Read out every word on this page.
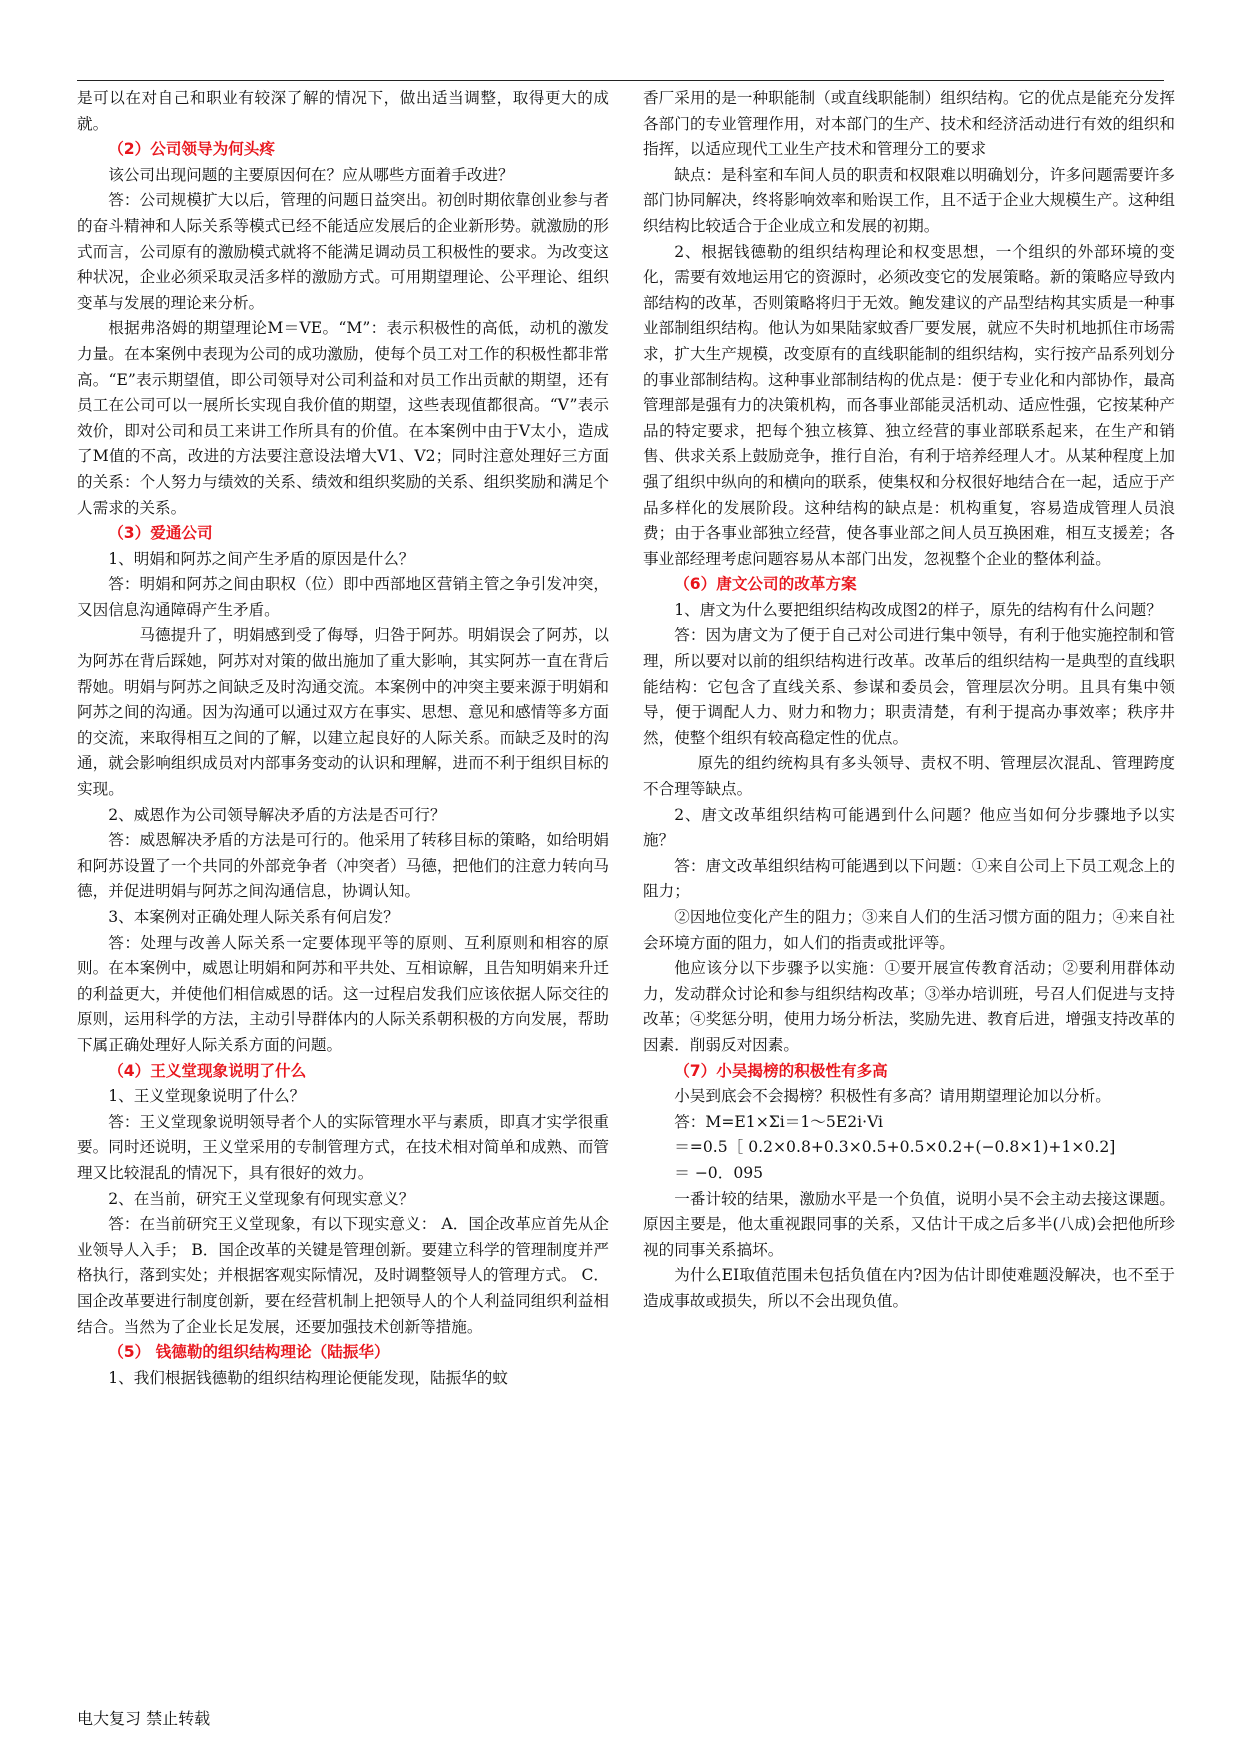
是可以在对自己和职业有较深了解的情况下，做出适当调整，取得更大的成就。

（2）公司领导为何头疼

该公司出现问题的主要原因何在？应从哪些方面着手改进？

答：公司规模扩大以后，管理的问题日益突出。初创时期依靠创业参与者的奋斗精神和人际关系等模式已经不能适应发展后的企业新形势。就激励的形式而言，公司原有的激励模式就将不能满足调动员工积极性的要求。为改变这种状况，企业必须采取灵活多样的激励方式。可用期望理论、公平理论、组织变革与发展的理论来分析。

根据弗洛姆的期望理论M＝VE。“M”：表示积极性的高低，动机的激发力量。在本案例中表现为公司的成功激励，使每个员工对工作的积极性都非常高。“E”表示期望值，即公司领导对公司利益和对员工作出贡献的期望，还有员工在公司可以一展所长实现自我价值的期望，这些表现值都很高。“V”表示效价，即对公司和员工来讲工作所具有的价值。在本案例中由于V太小，造成了M值的不高，改进的方法要注意设法增大V1、V2；同时注意处理好三方面的关系：个人努力与绩效的关系、绩效和组织奖励的关系、组织奖励和满足个人需求的关系。

（3）爱通公司

1、明娟和阿苏之间产生矛盾的原因是什么？

答：明娟和阿苏之间由职权（位）即中西部地区营销主管之争引发冲突，又因信息沟通障碍产生矛盾。

马德提升了，明娟感到受了侮辱，归咎于阿苏。明娟误会了阿苏，以为阿苏在背后踩她，阿苏对对策的做出施加了重大影响，其实阿苏一直在背后帮她。明娟与阿苏之间缺乏及时沟通交流。本案例中的冲突主要来源于明娟和阿苏之间的沟通。因为沟通可以通过双方在事实、思想、意见和感情等多方面的交流，来取得相互之间的了解，以建立起良好的人际关系。而缺乏及时的沟通，就会影响组织成员对内部事务变动的认识和理解，进而不利于组织目标的实现。

2、威恩作为公司领导解决矛盾的方法是否可行？

答：威恩解决矛盾的方法是可行的。他采用了转移目标的策略，如给明娟和阿苏设置了一个共同的外部竞争者（冲突者）马德，把他们的注意力转向马德，并促进明娟与阿苏之间沟通信息，协调认知。

3、本案例对正确处理人际关系有何启发？

答：处理与改善人际关系一定要体现平等的原则、互利原则和相容的原则。在本案例中，威恩让明娟和阿苏和平共处、互相谅解，且告知明娟来升迁的利益更大，并使他们相信威恩的话。这一过程启发我们应该依据人际交往的原则，运用科学的方法，主动引导群体内的人际关系朝积极的方向发展，帮助下属正确处理好人际关系方面的问题。

（4）王义堂现象说明了什么

1、王义堂现象说明了什么？

答：王义堂现象说明领导者个人的实际管理水平与素质，即真才实学很重要。同时还说明，王义堂采用的专制管理方式，在技术相对简单和成熟、而管理又比较混乱的情况下，具有很好的效力。

2、在当前，研究王义堂现象有何现实意义？

答：在当前研究王义堂现象，有以下现实意义： A．国企改革应首先从企业领导人入手； B．国企改革的关键是管理创新。要建立科学的管理制度并严格执行，落到实处；并根据客观实际情况，及时调整领导人的管理方式。 C．国企改革要进行制度创新，要在经营机制上把领导人的个人利益同组织利益相结合。当然为了企业长足发展，还要加强技术创新等措施。

（5） 钱德勒的组织结构理论（陆振华）

1、我们根据钱德勒的组织结构理论便能发现，陆振华的蚊

香厂采用的是一种职能制（或直线职能制）组织结构。它的优点是能充分发挥各部门的专业管理作用，对本部门的生产、技术和经济活动进行有效的组织和指挥，以适应现代工业生产技术和管理分工的要求

缺点：是科室和车间人员的职责和权限难以明确划分，许多问题需要许多部门协同解决，终将影响效率和贻误工作，且不适于企业大规模生产。这种组织结构比较适合于企业成立和发展的初期。

2、根据钱德勒的组织结构理论和权变思想，一个组织的外部环境的变化，需要有效地运用它的资源时，必须改变它的发展策略。新的策略应导致内部结构的改革，否则策略将归于无效。鲍发建议的产品型结构其实质是一种事业部制组织结构。他认为如果陆家蚊香厂要发展，就应不失时机地抓住市场需求，扩大生产规模，改变原有的直线职能制的组织结构，实行按产品系列划分的事业部制结构。这种事业部制结构的优点是：便于专业化和内部协作，最高管理部是强有力的决策机构，而各事业部能灵活机动、适应性强，它按某种产品的特定要求，把每个独立核算、独立经营的事业部联系起来，在生产和销售、供求关系上鼓励竞争，推行自治，有利于培养经理人才。从某种程度上加强了组织中纵向的和横向的联系，使集权和分权很好地结合在一起，适应于产品多样化的发展阶段。这种结构的缺点是：机构重复，容易造成管理人员浪费；由于各事业部独立经营，使各事业部之间人员互换困难，相互支援差；各事业部经理考虑问题容易从本部门出发，忽视整个企业的整体利益。

（6）唐文公司的改革方案

1、唐文为什么要把组织结构改成图2的样子，原先的结构有什么问题？

答：因为唐文为了便于自己对公司进行集中领导，有利于他实施控制和管理，所以要对以前的组织结构进行改革。改革后的组织结构一是典型的直线职能结构：它包含了直线关系、参谋和委员会，管理层次分明。且具有集中领导，便于调配人力、财力和物力；职责清楚，有利于提高办事效率；秩序井然，使整个组织有较高稳定性的优点。

原先的组约统构具有多头领导、责权不明、管理层次混乱、管理跨度不合理等缺点。

2、唐文改革组织结构可能遇到什么问题？他应当如何分步骤地予以实施？

答：唐文改革组织结构可能遇到以下问题：①来自公司上下员工观念上的阻力；

②因地位变化产生的阻力；③来自人们的生活习惯方面的阻力；④来自社会环境方面的阻力，如人们的指责或批评等。

他应该分以下步骤予以实施：①要开展宣传教育活动；②要利用群体动力，发动群众讨论和参与组织结构改革；③举办培训班，号召人们促进与支持改革；④奖惩分明，使用力场分析法，奖励先进、教育后进，增强支持改革的因素．削弱反对因素。

（7）小吴揭榜的积极性有多高

小吴到底会不会揭榜？积极性有多高？请用期望理论加以分析。

答：M=E1×Σi＝1～5E2i·Vi

＝=0.5［ 0.2×0.8+0.3×0.5+0.5×0.2+(−0.8×1)+1×0.2]

＝ −0．095

一番计较的结果，激励水平是一个负值，说明小吴不会主动去接这课题。原因主要是，他太重视跟同事的关系，又估计干成之后多半(八成)会把他所珍视的同事关系搞坏。

为什么EI取值范围未包括负值在内?因为估计即使难题没解决，也不至于造成事故或损失，所以不会出现负值。

电大复习 禁止转载
